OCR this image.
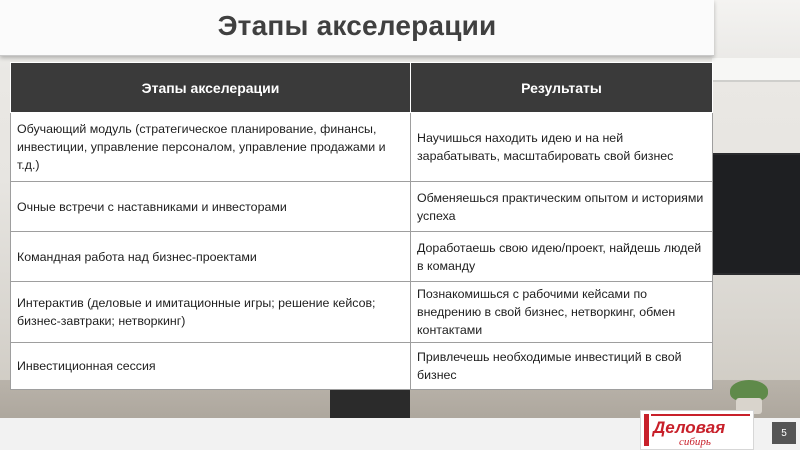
Этапы акселерации
Этапы акселерации	Результаты
Обучающий модуль (стратегическое планирование, финансы, инвестиции, управление персоналом, управление продажами и т.д.)	Научишься находить идею и на ней зарабатывать, масштабировать свой бизнес
Очные встречи с наставниками и инвесторами	Обменяешься практическим опытом и историями успеха
Командная работа над бизнес-проектами	Доработаешь свою идею/проект, найдешь людей в команду
Интерактив (деловые и имитационные игры; решение кейсов; бизнес-завтраки; нетворкинг)	Познакомишься с рабочими кейсами по внедрению в свой бизнес, нетворкинг, обмен контактами
Инвестиционная сессия	Привлечешь необходимые инвестиций в свой бизнес
Деловая
сибирь
5
